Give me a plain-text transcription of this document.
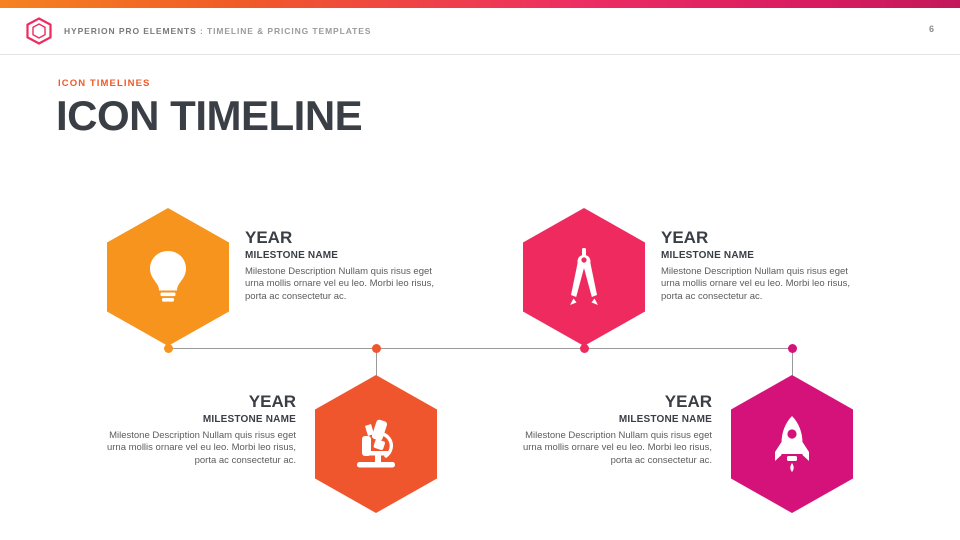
HYPERION PRO ELEMENTS : TIMELINE & PRICING TEMPLATES	6
ICON TIMELINES
ICON TIMELINE
YEAR
MILESTONE NAME
Milestone Description Nullam quis risus eget urna mollis ornare vel eu leo. Morbi leo risus, porta ac consectetur ac.
YEAR
MILESTONE NAME
Milestone Description Nullam quis risus eget urna mollis ornare vel eu leo. Morbi leo risus, porta ac consectetur ac.
YEAR
MILESTONE NAME
Milestone Description Nullam quis risus eget urna mollis ornare vel eu leo. Morbi leo risus, porta ac consectetur ac.
YEAR
MILESTONE NAME
Milestone Description Nullam quis risus eget urna mollis ornare vel eu leo. Morbi leo risus, porta ac consectetur ac.
